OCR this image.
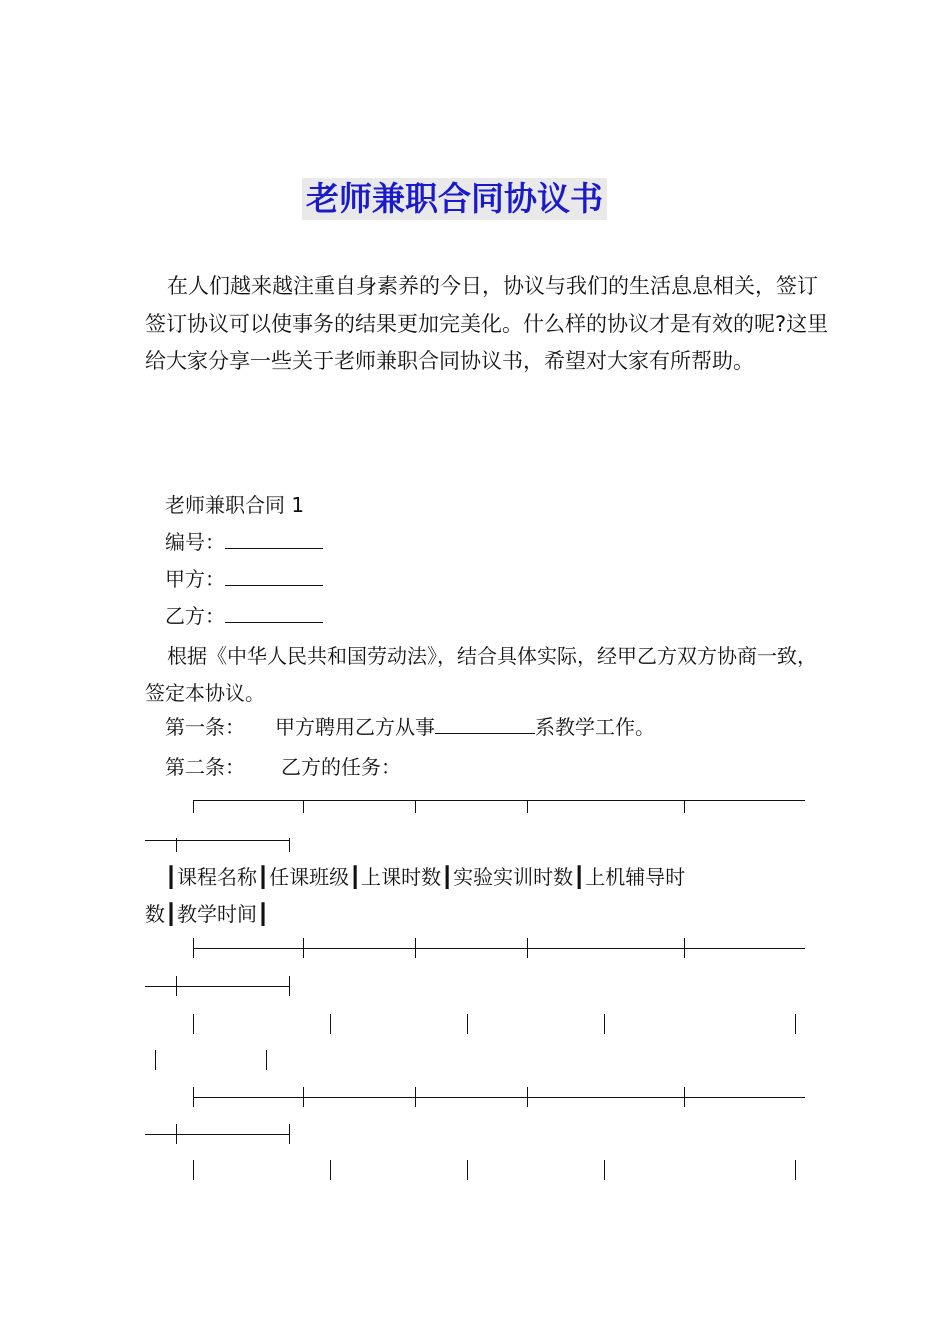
老师兼职合同协议书

在人们越来越注重自身素养的今日，协议与我们的生活息息相关，签订签订协议可以使事务的结果更加完美化。什么样的协议才是有效的呢?这里给大家分享一些关于老师兼职合同协议书，希望对大家有所帮助。

老师兼职合同 1
编号：
甲方：
乙方：

根据《中华人民共和国劳动法》，结合具体实际，经甲乙方双方协商一致，签定本协议。

第一条： 甲方聘用乙方从事	系教学工作。
第二条： 乙方的任务：
┃课程名称┃任课班级┃上课时数┃实验实训时数┃上机辅导时
数┃教学时间┃
